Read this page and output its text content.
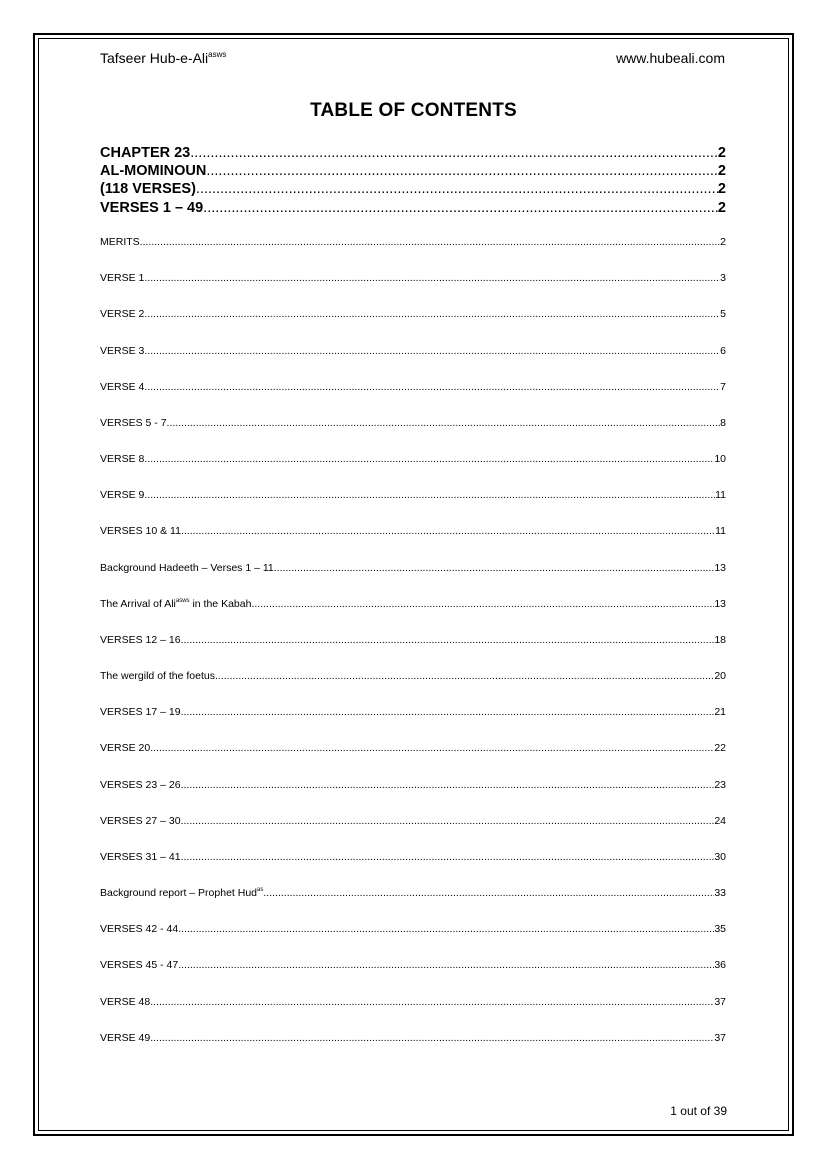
Tafseer Hub-e-Ali$^{asws}$	www.hubeali.com
TABLE OF CONTENTS
CHAPTER 23 .....	2
AL-MOMINOUN .....	2
(118 VERSES) .....	2
VERSES 1 – 49 .....	2
MERITS .....	2
VERSE 1 .....	3
VERSE 2 .....	5
VERSE 3 .....	6
VERSE 4 .....	7
VERSES 5 - 7 .....	8
VERSE 8 .....	10
VERSE 9 .....	11
VERSES 10 & 11 .....	11
Background Hadeeth – Verses 1 – 11 .....	13
The Arrival of Ali$^{asws}$ in the Kabah .....	13
VERSES 12 – 16 .....	18
The wergild of the foetus .....	20
VERSES 17 – 19 .....	21
VERSE 20 .....	22
VERSES 23 – 26 .....	23
VERSES 27 – 30 .....	24
VERSES 31 – 41 .....	30
Background report – Prophet Hud$^{as}$ .....	33
VERSES 42 - 44 .....	35
VERSES 45 - 47 .....	36
VERSE 48 .....	37
VERSE 49 .....	37
1 out of 39
